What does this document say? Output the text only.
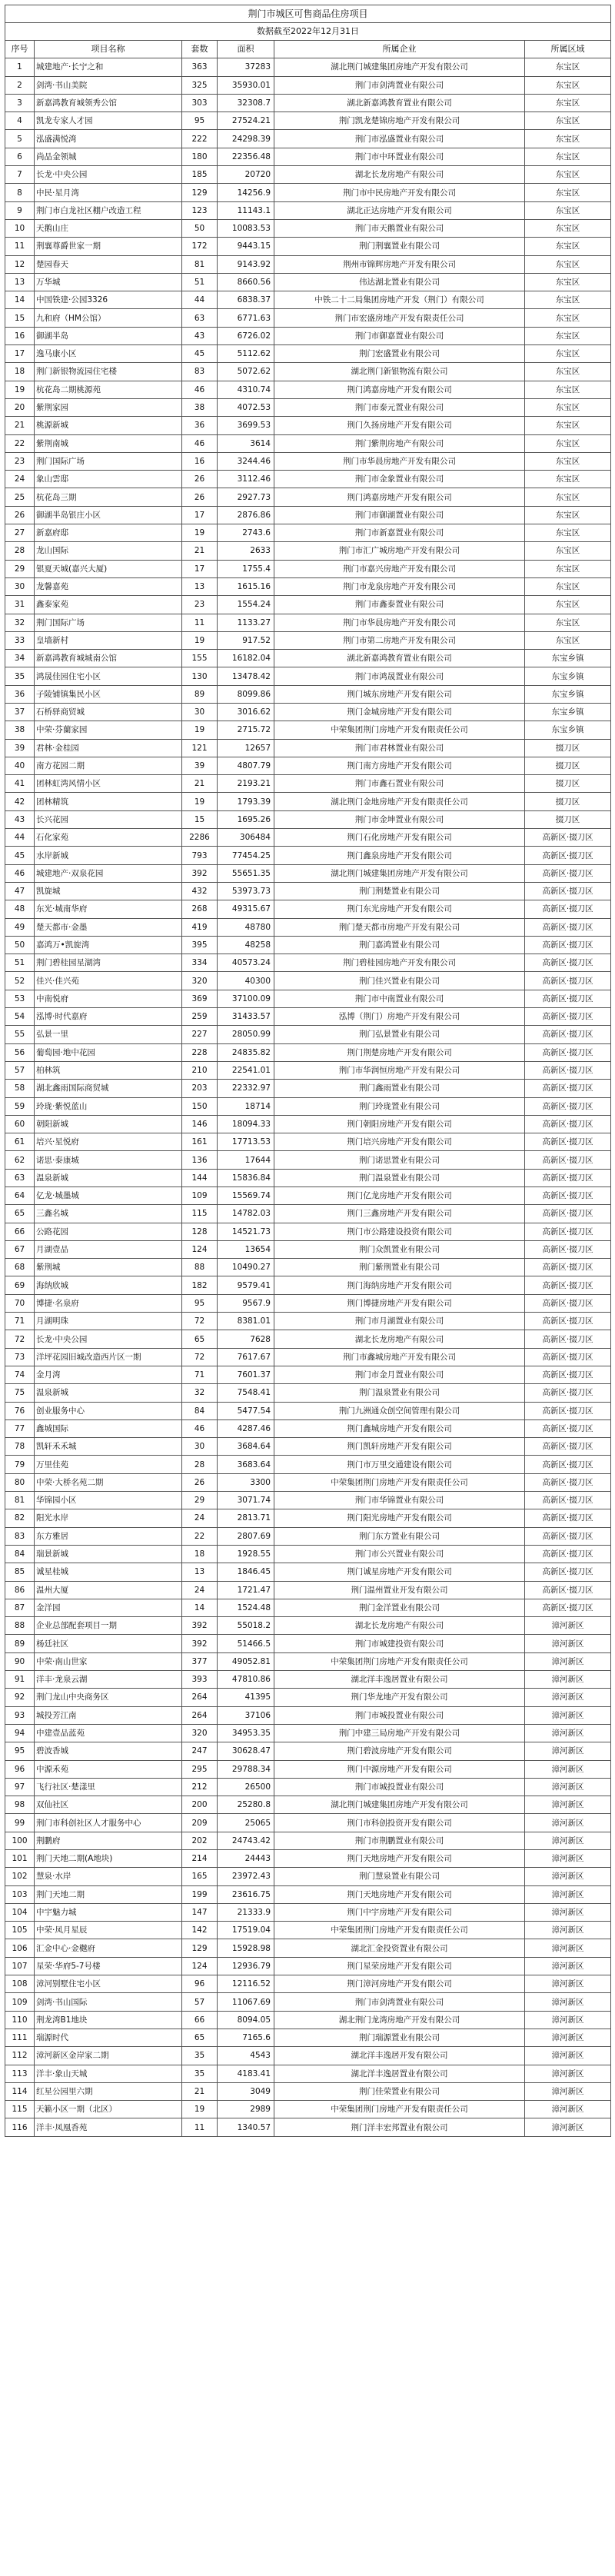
荆门市城区可售商品住房项目					
数据截至2022年12月31日					
序号	项目名称	套数	面积	所属企业	所属区域
1	城建地产·长宁之和	363	37283	湖北荆门城建集团房地产开发有限公司	东宝区
2	剑湾·书山美院	325	35930.01	荆门市剑湾置业有限公司	东宝区
3	新嘉鸿教育城领秀公馆	303	32308.7	湖北新嘉鸿教育置业有限公司	东宝区
4	凯龙专家人才园	95	27524.21	荆门凯龙楚锦房地产开发有限公司	东宝区
5	泓盛满悦湾	222	24298.39	荆门市泓盛置业有限公司	东宝区
6	尚品金领城	180	22356.48	荆门市中环置业有限公司	东宝区
7	长龙·中央公园	185	20720	湖北长龙房地产有限公司	东宝区
8	中民·星月湾	129	14256.9	荆门市中民房地产开发有限公司	东宝区
9	荆门市白龙社区棚户改造工程	123	11143.1	湖北正达房地产开发有限公司	东宝区
10	天鹅山庄	50	10083.53	荆门市天鹅置业有限公司	东宝区
11	荆襄尊爵世家一期	172	9443.15	荆门荆襄置业有限公司	东宝区
12	楚园春天	81	9143.92	荆州市锦辉房地产开发有限公司	东宝区
13	万华城	51	8660.56	伟达湖北置业有限公司	东宝区
14	中国铁建·公园3326	44	6838.37	中铁二十二局集团房地产开发（荆门）有限公司	东宝区
15	九和府（HM公馆）	63	6771.63	荆门市宏盛房地产开发有限责任公司	东宝区
16	御湖半岛	43	6726.02	荆门市御嘉置业有限公司	东宝区
17	逸马康小区	45	5112.62	荆门宏盛置业有限公司	东宝区
18	荆门新银物流园住宅楼	83	5072.62	湖北荆门新银物流有限公司	东宝区
19	杭花岛二期桃源苑	46	4310.74	荆门鸿嘉房地产开发有限公司	东宝区
20	紫荆家园	38	4072.53	荆门市泰元置业有限公司	东宝区
21	桃源新城	36	3699.53	荆门久扬房地产开发有限公司	东宝区
22	紫荆南城	46	3614	荆门紫荆房地产有限公司	东宝区
23	荆门国际广场	16	3244.46	荆门市华晨房地产开发有限公司	东宝区
24	象山雲邸	26	3112.46	荆门市金象置业有限公司	东宝区
25	杭花岛三期	26	2927.73	荆门鸿嘉房地产开发有限公司	东宝区
26	御湖半岛银庄小区	17	2876.86	荆门市御湖置业有限公司	东宝区
27	新嘉府邸	19	2743.6	荆门市新嘉置业有限公司	东宝区
28	龙山国际	21	2633	荆门市汇广城房地产开发有限公司	东宝区
29	银夏天城(嘉兴大厦)	17	1755.4	荆门市嘉兴房地产开发有限公司	东宝区
30	龙馨嘉苑	13	1615.16	荆门市龙泉房地产开发有限公司	东宝区
31	鑫泰家苑	23	1554.24	荆门市鑫泰置业有限公司	东宝区
32	荆门国际广场	11	1133.27	荆门市华晨房地产开发有限公司	东宝区
33	皇墙新村	19	917.52	荆门市第二房地产开发有限公司	东宝区
34	新嘉鸿教育城城南公馆	155	16182.04	湖北新嘉鸿教育置业有限公司	东宝乡镇
35	鸿晟佳园住宅小区	130	13478.42	荆门市鸿晟置业有限公司	东宝乡镇
36	子陵铺镇集民小区	89	8099.86	荆门城东房地产开发有限公司	东宝乡镇
37	石桥驿商贸城	30	3016.62	荆门金城房地产开发有限公司	东宝乡镇
38	中荣·芬蘭家园	19	2715.72	中荣集团荆门房地产开发有限责任公司	东宝乡镇
39	君林·金桂园	121	12657	荆门市君林置业有限公司	掇刀区
40	南方花园二期	39	4807.79	荆门南方房地产开发有限公司	掇刀区
41	团林虹湾风情小区	21	2193.21	荆门市鑫石置业有限公司	掇刀区
42	团林精筑	19	1793.39	湖北荆门金地房地产开发有限责任公司	掇刀区
43	长兴花园	15	1695.26	荆门市金坤置业有限公司	掇刀区
44	石化家苑	2286	306484	荆门石化房地产开发有限公司	高新区·掇刀区
45	水岸新城	793	77454.25	荆门鑫泉房地产开发有限公司	高新区·掇刀区
46	城建地产·双泉花园	392	55651.35	湖北荆门城建集团房地产开发有限公司	高新区·掇刀区
47	凯旋城	432	53973.73	荆门荆楚置业有限公司	高新区·掇刀区
48	东光·城南华府	268	49315.67	荆门东光房地产开发有限公司	高新区·掇刀区
49	楚天都市·金墨	419	48780	荆门楚天都市房地产开发有限公司	高新区·掇刀区
50	嘉鸿万•凯旋湾	395	48258	荆门嘉鸿置业有限公司	高新区·掇刀区
51	荆门碧桂园星湖湾	334	40573.24	荆门碧桂园房地产开发有限公司	高新区·掇刀区
52	佳兴·佳兴苑	320	40300	荆门佳兴置业有限公司	高新区·掇刀区
53	中南悦府	369	37100.09	荆门市中南置业有限公司	高新区·掇刀区
54	泓博·时代嘉府	259	31433.57	泓博（荆门）房地产开发有限公司	高新区·掇刀区
55	弘景一里	227	28050.99	荆门弘景置业有限公司	高新区·掇刀区
56	葡萄园·地中花园	228	24835.82	荆门荆楚房地产开发有限公司	高新区·掇刀区
57	柏林筑	210	22541.01	荆门市华润恒房地产开发有限公司	高新区·掇刀区
58	湖北鑫雨国际商贸城	203	22332.97	荆门鑫雨置业有限公司	高新区·掇刀区
59	玲珑·紫悦蓝山	150	18714	荆门玲珑置业有限公司	高新区·掇刀区
60	朝阳新城	146	18094.33	荆门朝阳房地产开发有限公司	高新区·掇刀区
61	培兴·星悦府	161	17713.53	荆门培兴房地产开发有限公司	高新区·掇刀区
62	诺思·泰康城	136	17644	荆门诺思置业有限公司	高新区·掇刀区
63	温泉新城	144	15836.84	荆门温泉置业有限公司	高新区·掇刀区
64	亿龙·城墨城	109	15569.74	荆门亿龙房地产开发有限公司	高新区·掇刀区
65	三鑫名城	115	14782.03	荆门三鑫房地产开发有限公司	高新区·掇刀区
66	公路花园	128	14521.73	荆门市公路建设投资有限公司	高新区·掇刀区
67	月湖壹品	124	13654	荆门众凯置业有限公司	高新区·掇刀区
68	紫荆城	88	10490.27	荆门紫荆置业有限公司	高新区·掇刀区
69	海纳欣城	182	9579.41	荆门海纳房地产开发有限公司	高新区·掇刀区
70	博捷·名泉府	95	9567.9	荆门博捷房地产开发有限公司	高新区·掇刀区
71	月湖明珠	72	8381.01	荆门市月湖置业有限公司	高新区·掇刀区
72	长龙·中央公园	65	7628	湖北长龙房地产有限公司	高新区·掇刀区
73	洋坪花园旧城改造西片区一期	72	7617.67	荆门市鑫城房地产开发有限公司	高新区·掇刀区
74	金月湾	71	7601.37	荆门市金月置业有限公司	高新区·掇刀区
75	温泉新城	32	7548.41	荆门温泉置业有限公司	高新区·掇刀区
76	创业服务中心	84	5477.54	荆门九洲通众创空间管理有限公司	高新区·掇刀区
77	鑫城国际	46	4287.46	荆门鑫城房地产开发有限公司	高新区·掇刀区
78	凯轩禾禾城	30	3684.64	荆门凯轩房地产开发有限公司	高新区·掇刀区
79	万里佳苑	28	3683.64	荆门市万里交通建设有限公司	高新区·掇刀区
80	中荣·大桥名苑二期	26	3300	中荣集团荆门房地产开发有限责任公司	高新区·掇刀区
81	华锦园小区	29	3071.74	荆门市华锦置业有限公司	高新区·掇刀区
82	阳光水岸	24	2813.71	荆门阳光房地产开发有限公司	高新区·掇刀区
83	东方雅居	22	2807.69	荆门东方置业有限公司	高新区·掇刀区
84	瑞景新城	18	1928.55	荆门市公兴置业有限公司	高新区·掇刀区
85	诚星桂城	13	1846.45	荆门诚星房地产开发有限公司	高新区·掇刀区
86	温州大厦	24	1721.47	荆门温州置业开发有限公司	高新区·掇刀区
87	金洋园	14	1524.48	荆门金洋置业有限公司	高新区·掇刀区
88	企业总部配套项目一期	392	55018.2	湖北长龙房地产有限公司	漳河新区
89	杨廷社区	392	51466.5	荆门市城建投资有限公司	漳河新区
90	中荣·南山世家	377	49052.81	中荣集团荆门房地产开发有限责任公司	漳河新区
91	洋丰·龙泉云湖	393	47810.86	湖北洋丰逸居置业有限公司	漳河新区
92	荆门龙山中央商务区	264	41395	荆门华龙地产开发有限公司	漳河新区
93	城投芳江南	264	37106	荆门市城投置业有限公司	漳河新区
94	中建壹品蓝苑	320	34953.35	荆门中建三局房地产开发有限公司	漳河新区
95	碧波香城	247	30628.47	荆门碧波房地产开发有限公司	漳河新区
96	中源禾苑	295	29788.34	荆门中源房地产开发有限公司	漳河新区
97	飞行社区·楚漾里	212	26500	荆门市城投置业有限公司	漳河新区
98	双仙社区	200	25280.8	湖北荆门城建集团房地产开发有限公司	漳河新区
99	荆门市科创社区人才服务中心	209	25065	荆门市科创投资开发有限公司	漳河新区
100	荆鹏府	202	24743.42	荆门市荆鹏置业有限公司	漳河新区
101	荆门天地二期(A地块)	214	24443	荆门天地房地产开发有限公司	漳河新区
102	慧泉·水岸	165	23972.43	荆门慧泉置业有限公司	漳河新区
103	荆门天地二期	199	23616.75	荆门天地房地产开发有限公司	漳河新区
104	中宇魅力城	147	21333.9	荆门中宇房地产开发有限公司	漳河新区
105	中荣·凤月星辰	142	17519.04	中荣集团荆门房地产开发有限责任公司	漳河新区
106	汇金中心·金樾府	129	15928.98	湖北汇金投资置业有限公司	漳河新区
107	星荣·华府5-7号楼	124	12936.79	荆门星荣房地产开发有限公司	漳河新区
108	漳河别墅住宅小区	96	12116.52	荆门漳河房地产开发有限公司	漳河新区
109	剑湾·书山国际	57	11067.69	荆门市剑湾置业有限公司	漳河新区
110	荆龙湾B1地块	66	8094.05	湖北荆门龙湾房地产开发有限公司	漳河新区
111	瑞源时代	65	7165.6	荆门瑞源置业有限公司	漳河新区
112	漳河新区金岸家二期	35	4543	湖北洋丰逸居开发有限公司	漳河新区
113	洋丰·象山天城	35	4183.41	湖北洋丰逸居置业有限公司	漳河新区
114	红星公园里六期	21	3049	荆门佳荣置业有限公司	漳河新区
115	天籁小区一期（北区）	19	2989	中荣集团荆门房地产开发有限责任公司	漳河新区
116	洋丰·凤凰香苑	11	1340.57	荆门洋丰宏邦置业有限公司	漳河新区
